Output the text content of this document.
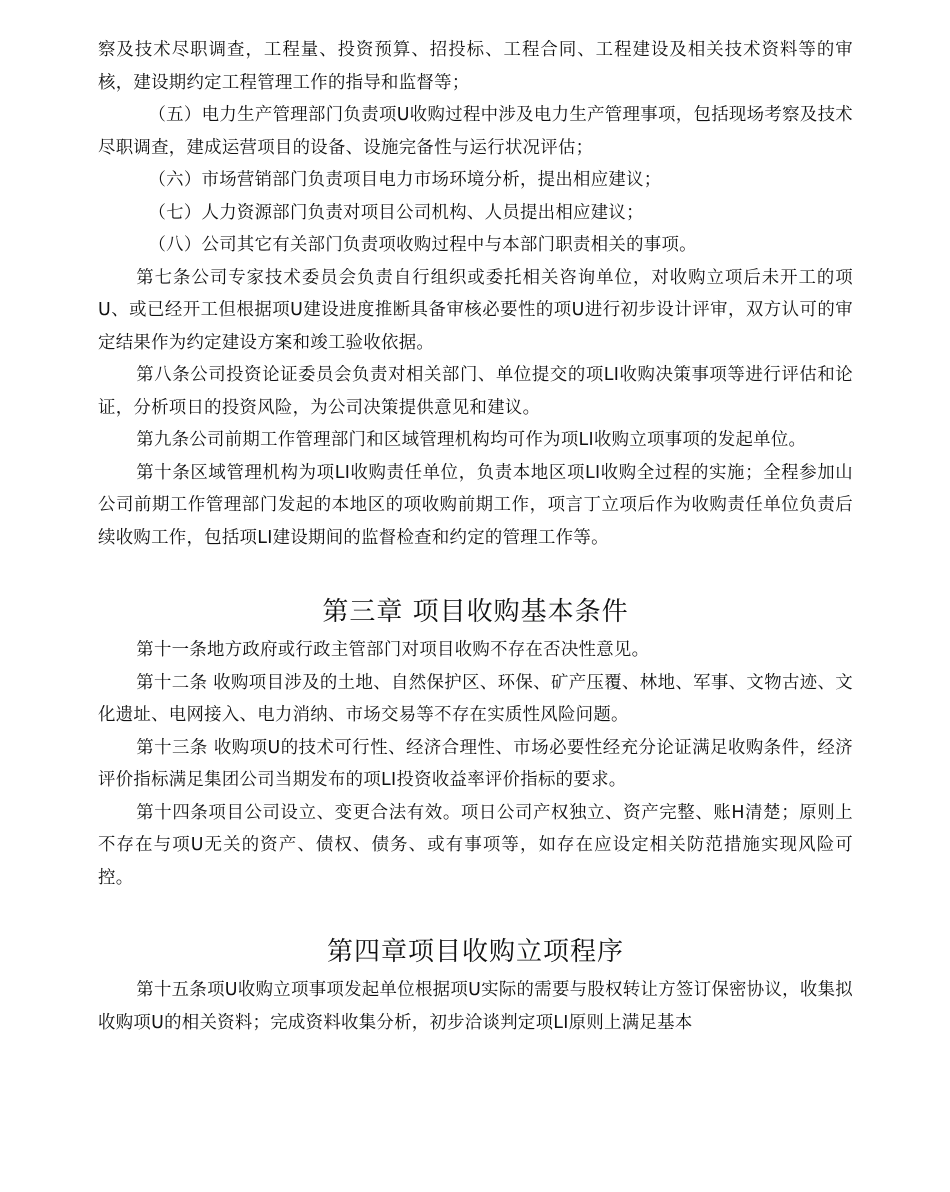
察及技术尽职调查，工程量、投资预算、招投标、工程合同、工程建设及相关技术资料等的审核，建设期约定工程管理工作的指导和监督等；

（五）电力生产管理部门负责项U收购过程中涉及电力生产管理事项，包括现场考察及技术尽职调查，建成运营项目的设备、设施完备性与运行状况评估；

（六）市场营销部门负责项目电力市场环境分析，提出相应建议；

（七）人力资源部门负责对项目公司机构、人员提出相应建议；

（八）公司其它有关部门负责项收购过程中与本部门职责相关的事项。

第七条公司专家技术委员会负责自行组织或委托相关咨询单位，对收购立项后未开工的项U、或已经开工但根据项U建设进度推断具备审核必要性的项U进行初步设计评审，双方认可的审定结果作为约定建设方案和竣工验收依据。

第八条公司投资论证委员会负责对相关部门、单位提交的项LI收购决策事项等进行评估和论证，分析项日的投资风险，为公司决策提供意见和建议。

第九条公司前期工作管理部门和区域管理机构均可作为项LI收购立项事项的发起单位。

第十条区域管理机构为项LI收购责任单位，负责本地区项LI收购全过程的实施；全程参加山公司前期工作管理部门发起的本地区的项收购前期工作，项言丁立项后作为收购责任单位负责后续收购工作，包括项LI建设期间的监督检查和约定的管理工作等。

第三章 项目收购基本条件

第十一条地方政府或行政主管部门对项目收购不存在否决性意见。

第十二条 收购项目涉及的土地、自然保护区、环保、矿产压覆、林地、军事、文物古迹、文化遗址、电网接入、电力消纳、市场交易等不存在实质性风险问题。

第十三条 收购项U的技术可行性、经济合理性、市场必要性经充分论证满足收购条件，经济评价指标满足集团公司当期发布的项LI投资收益率评价指标的要求。

第十四条项目公司设立、变更合法有效。项日公司产权独立、资产完整、账H清楚；原则上不存在与项U无关的资产、债权、债务、或有事项等，如存在应设定相关防范措施实现风险可控。

第四章项目收购立项程序

第十五条项U收购立项事项发起单位根据项U实际的需要与股权转让方签订保密协议，收集拟收购项U的相关资料；完成资料收集分析，初步洽谈判定项LI原则上满足基本
